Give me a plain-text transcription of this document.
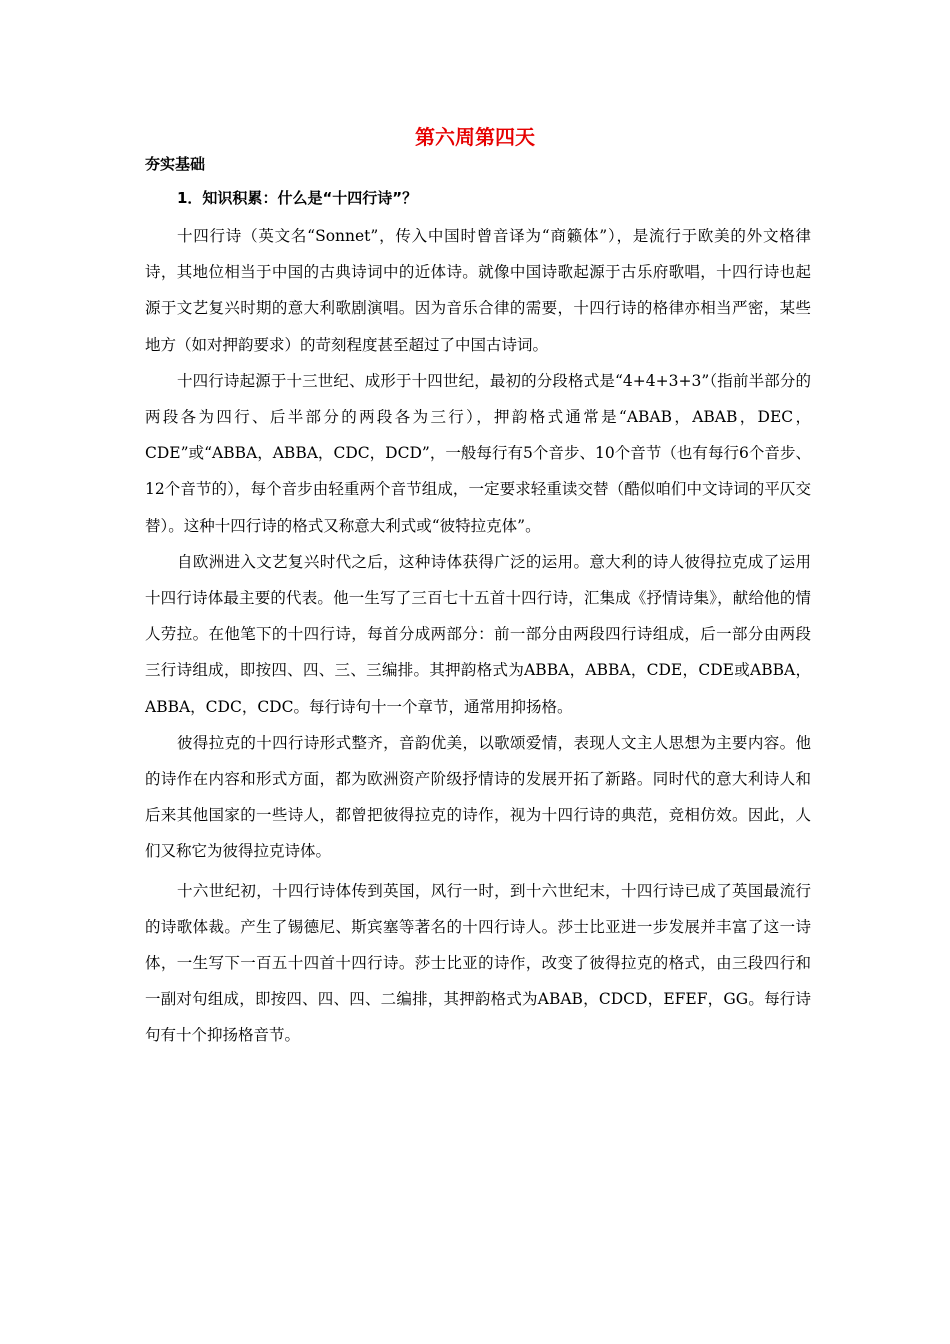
第六周第四天
夯实基础
1．知识积累：什么是“十四行诗”？

十四行诗（英文名“Sonnet”，传入中国时曾音译为“商籁体”），是流行于欧美的外文格律诗，其地位相当于中国的古典诗词中的近体诗。就像中国诗歌起源于古乐府歌唱，十四行诗也起源于文艺复兴时期的意大利歌剧演唱。因为音乐合律的需要，十四行诗的格律亦相当严密，某些地方（如对押韵要求）的苛刻程度甚至超过了中国古诗词。

十四行诗起源于十三世纪、成形于十四世纪，最初的分段格式是“4+4+3+3”（指前半部分的两段各为四行、后半部分的两段各为三行），押韵格式通常是“ABAB，ABAB，DEC，CDE”或“ABBA，ABBA，CDC，DCD”，一般每行有5个音步、10个音节（也有每行6个音步、12个音节的），每个音步由轻重两个音节组成，一定要求轻重读交替（酷似咱们中文诗词的平仄交替）。这种十四行诗的格式又称意大利式或“彼特拉克体”。

自欧洲进入文艺复兴时代之后，这种诗体获得广泛的运用。意大利的诗人彼得拉克成了运用十四行诗体最主要的代表。他一生写了三百七十五首十四行诗，汇集成《抒情诗集》，献给他的情人劳拉。在他笔下的十四行诗，每首分成两部分：前一部分由两段四行诗组成，后一部分由两段三行诗组成，即按四、四、三、三编排。其押韵格式为ABBA，ABBA，CDE，CDE或ABBA，ABBA，CDC，CDC。每行诗句十一个章节，通常用抑扬格。

彼得拉克的十四行诗形式整齐，音韵优美，以歌颂爱情，表现人文主人思想为主要内容。他的诗作在内容和形式方面，都为欧洲资产阶级抒情诗的发展开拓了新路。同时代的意大利诗人和后来其他国家的一些诗人，都曾把彼得拉克的诗作，视为十四行诗的典范，竞相仿效。因此，人们又称它为彼得拉克诗体。

十六世纪初，十四行诗体传到英国，风行一时，到十六世纪末，十四行诗已成了英国最流行的诗歌体裁。产生了锡德尼、斯宾塞等著名的十四行诗人。莎士比亚进一步发展并丰富了这一诗体，一生写下一百五十四首十四行诗。莎士比亚的诗作，改变了彼得拉克的格式，由三段四行和一副对句组成，即按四、四、四、二编排，其押韵格式为ABAB，CDCD，EFEF，GG。每行诗句有十个抑扬格音节。
